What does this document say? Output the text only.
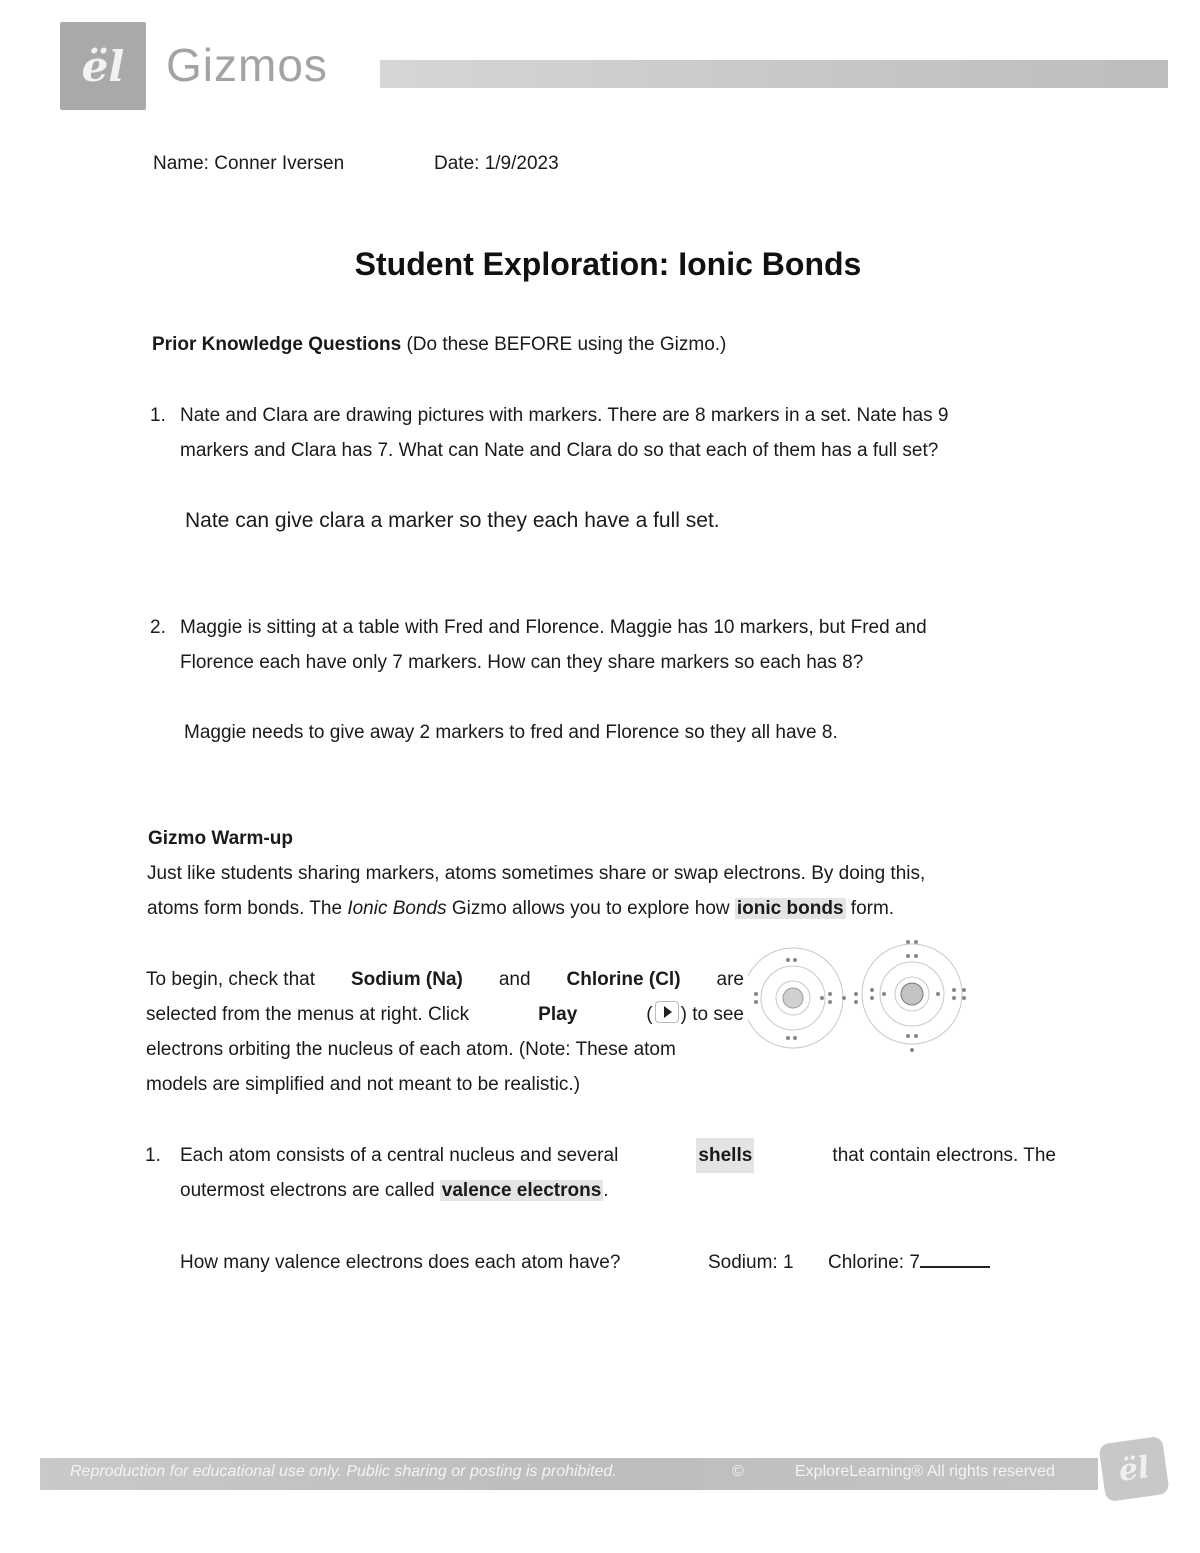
ël Gizmos
Name: Conner Iversen	Date: 1/9/2023
Student Exploration: Ionic Bonds
Prior Knowledge Questions (Do these BEFORE using the Gizmo.)
1. Nate and Clara are drawing pictures with markers. There are 8 markers in a set. Nate has 9
markers and Clara has 7. What can Nate and Clara do so that each of them has a full set?
Nate can give clara a marker so they each have a full set.
2. Maggie is sitting at a table with Fred and Florence. Maggie has 10 markers, but Fred and
Florence each have only 7 markers. How can they share markers so each has 8?
Maggie needs to give away 2 markers to fred and Florence so they all have 8.
Gizmo Warm-up
Just like students sharing markers, atoms sometimes share or swap electrons. By doing this,
atoms form bonds. The Ionic Bonds Gizmo allows you to explore how ionic bonds form.
To begin, check that Sodium (Na) and Chlorine (Cl) are
selected from the menus at right. Click	Play	( ) to see
electrons orbiting the nucleus of each atom. (Note: These atom
models are simplified and not meant to be realistic.)
1.	Each atom consists of a central nucleus and several	shells	that contain electrons. The
outermost electrons are called valence electrons .
How many valence electrons does each atom have?	Sodium: 1 Chlorine: 7
Reproduction for educational use only. Public sharing or posting is prohibited.	©	ExploreLearning® All rights reserved ël
